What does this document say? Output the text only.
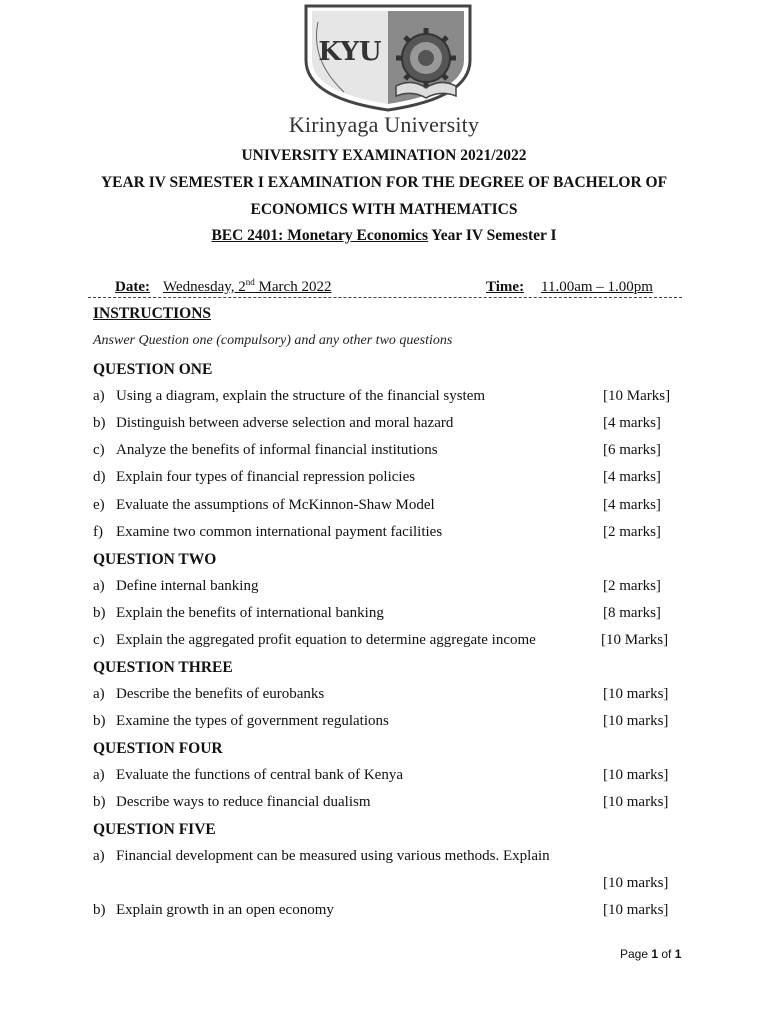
KYU
Kirinyaga University
UNIVERSITY EXAMINATION 2021/2022
YEAR IV SEMESTER I EXAMINATION FOR THE DEGREE OF BACHELOR OF
ECONOMICS WITH MATHEMATICS
BEC 2401: Monetary Economics Year IV Semester I
Date: Wednesday, 2nd March 2022	Time: 11.00am – 1.00pm
INSTRUCTIONS
Answer Question one (compulsory) and any other two questions
QUESTION ONE
a) Using a diagram, explain the structure of the financial system	[10 Marks]
b) Distinguish between adverse selection and moral hazard	[4 marks]
c) Analyze the benefits of informal financial institutions	[6 marks]
d) Explain four types of financial repression policies	[4 marks]
e) Evaluate the assumptions of McKinnon-Shaw Model	[4 marks]
f) Examine two common international payment facilities	[2 marks]
QUESTION TWO
a) Define internal banking	[2 marks]
b) Explain the benefits of international banking	[8 marks]
c) Explain the aggregated profit equation to determine aggregate income	[10 Marks]
QUESTION THREE
a) Describe the benefits of eurobanks	[10 marks]
b) Examine the types of government regulations	[10 marks]
QUESTION FOUR
a) Evaluate the functions of central bank of Kenya	[10 marks]
b) Describe ways to reduce financial dualism	[10 marks]
QUESTION FIVE
a) Financial development can be measured using various methods. Explain
[10 marks]
b) Explain growth in an open economy	[10 marks]
Page 1 of 1
